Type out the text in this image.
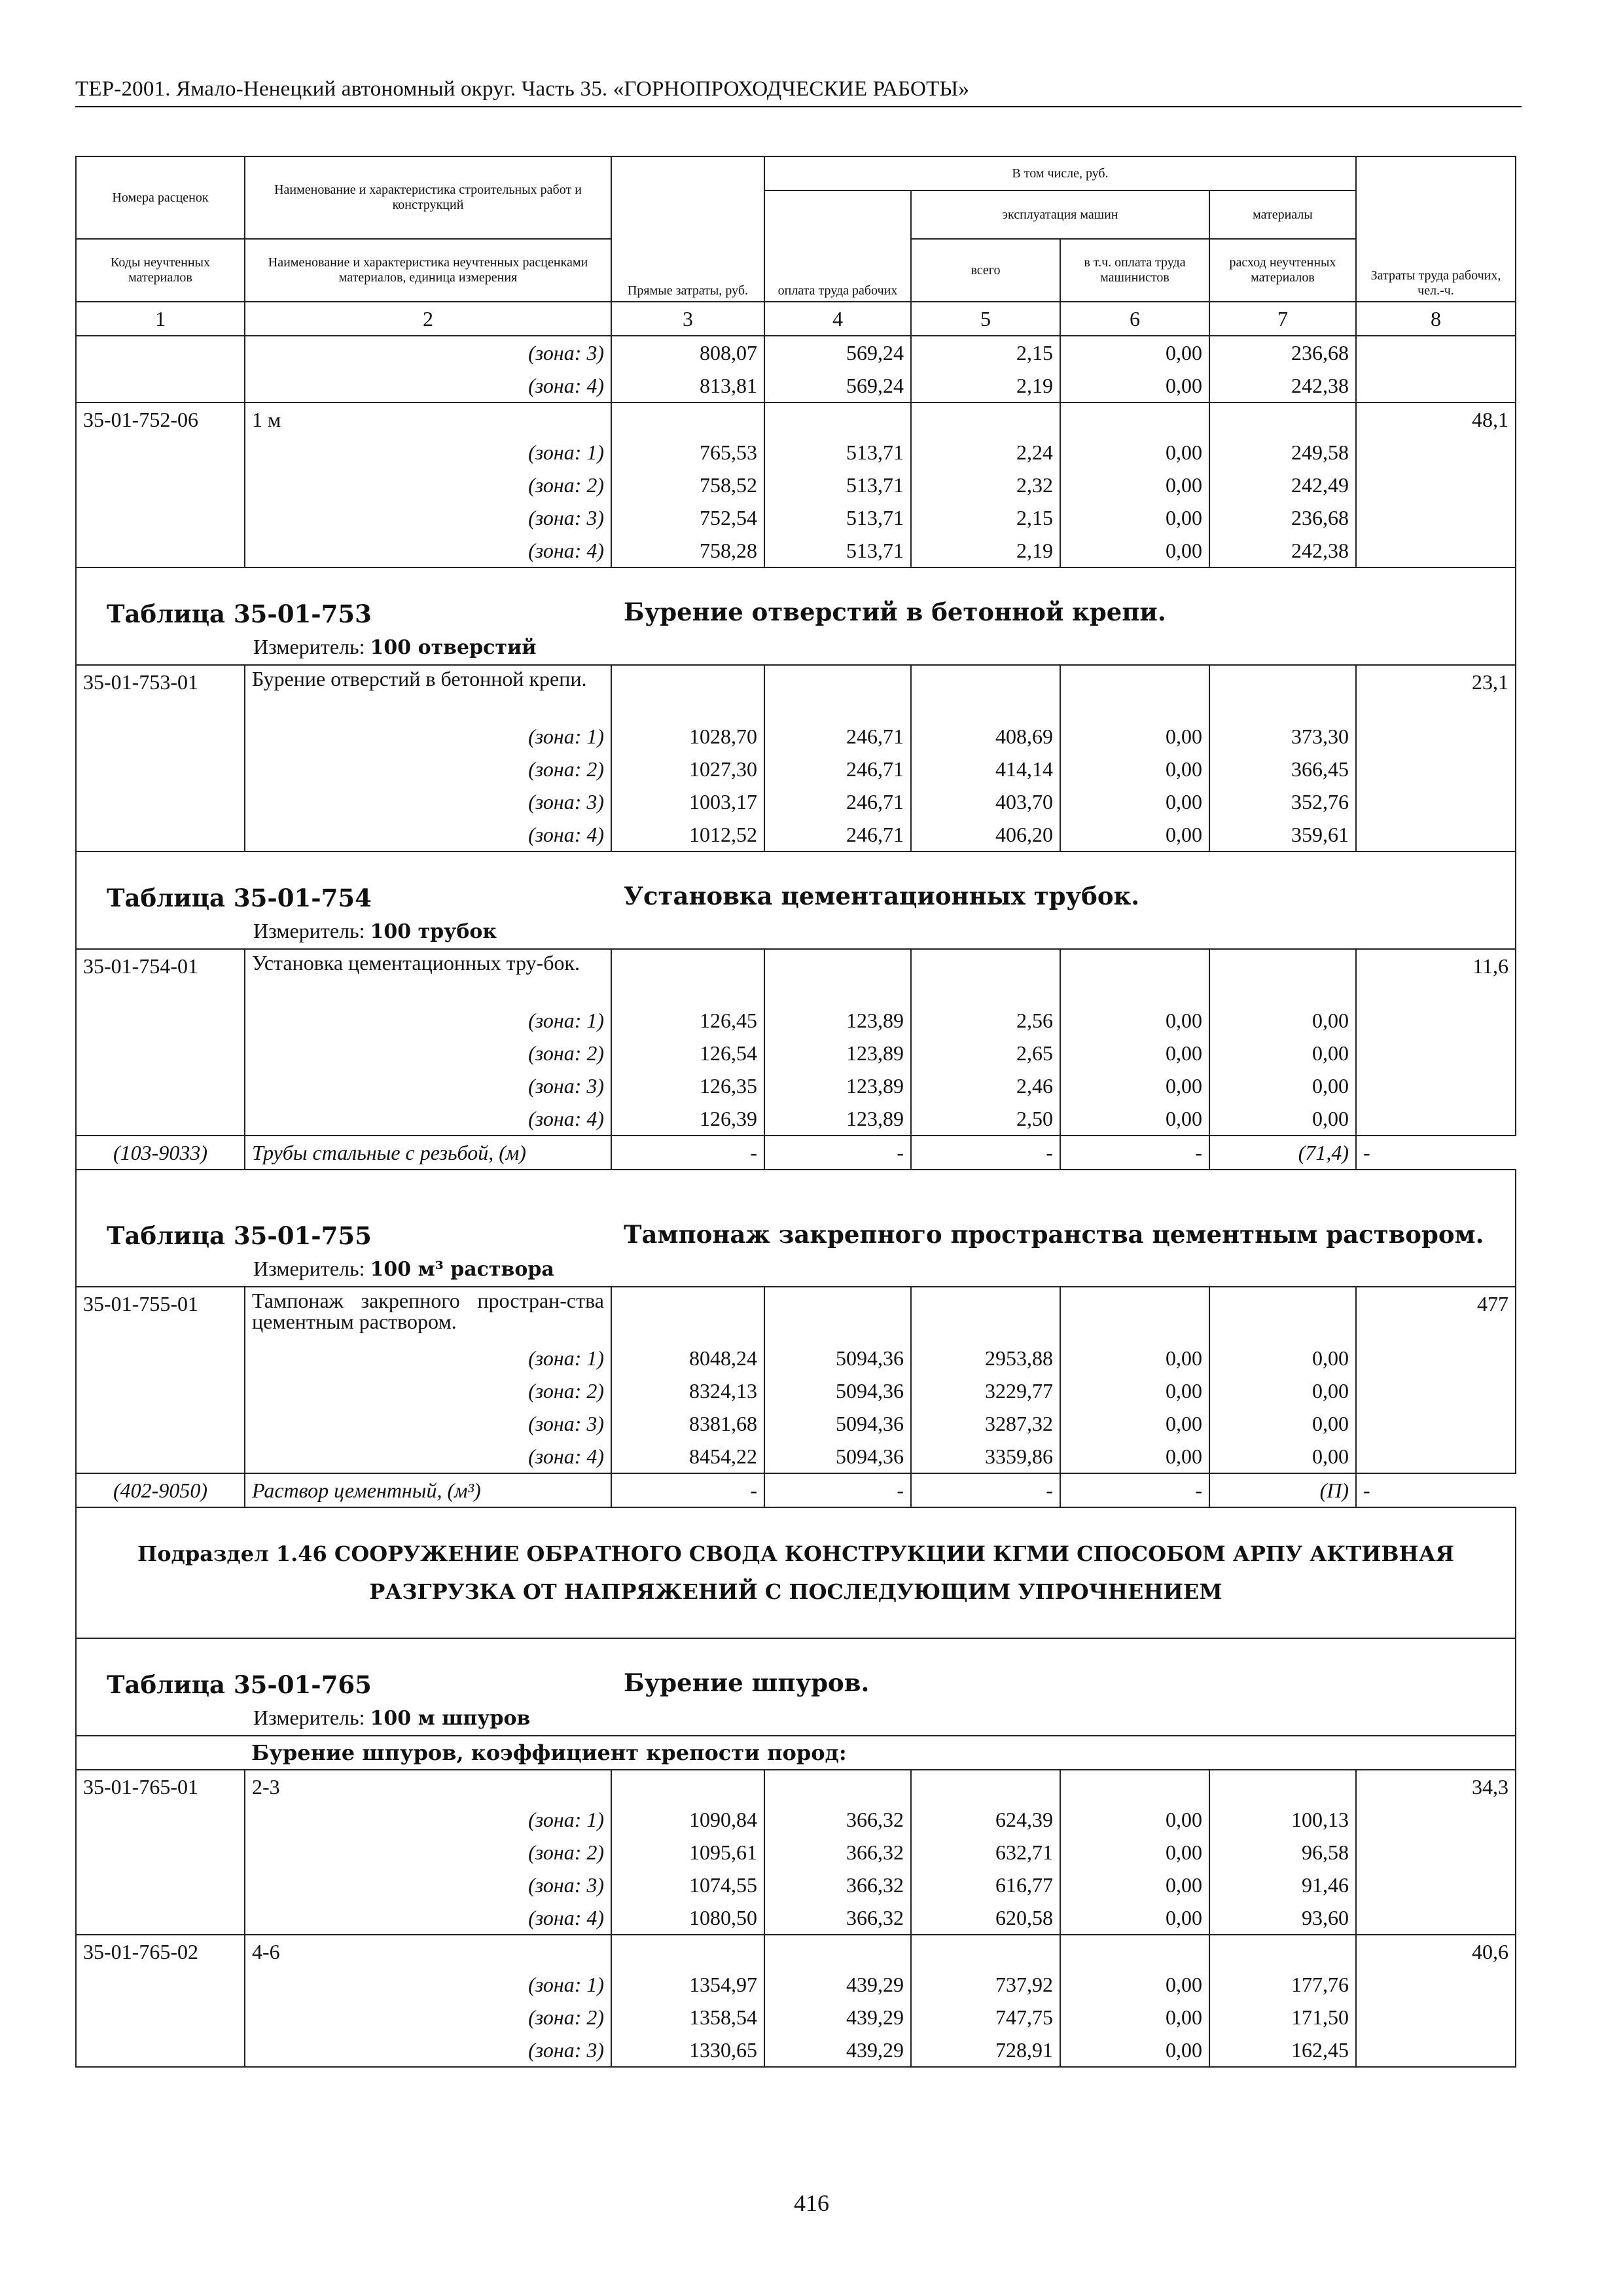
ТЕР-2001. Ямало-Ненецкий автономный округ. Часть 35. «ГОРНОПРОХОДЧЕСКИЕ РАБОТЫ»
Номера расценок	Наименование и характеристика строительных работ и конструкций	Прямые затраты, руб.	В том числе, руб.				Затраты труда рабочих, чел.-ч.
			оплата труда рабочих	эксплуатация машин		материалы	
Коды неучтенных материалов	Наименование и характеристика неучтенных расценками материалов, единица измерения			всего	в т.ч. оплата труда машинистов	расход неучтенных материалов	
1	2	3	4	5	6	7	8
	(зона: 3)	808,07	569,24	2,15	0,00	236,68	
	(зона: 4)	813,81	569,24	2,19	0,00	242,38	
35-01-752-06	1 м						48,1
	(зона: 1)	765,53	513,71	2,24	0,00	249,58	
	(зона: 2)	758,52	513,71	2,32	0,00	242,49	
	(зона: 3)	752,54	513,71	2,15	0,00	236,68	
	(зона: 4)	758,28	513,71	2,19	0,00	242,38	

Таблица 35-01-753 Бурение отверстий в бетонной крепи.							

Измеритель: 100 отверстий							
35-01-753-01	Бурение отверстий в бетонной крепи.						23,1
	(зона: 1)	1028,70	246,71	408,69	0,00	373,30	
	(зона: 2)	1027,30	246,71	414,14	0,00	366,45	
	(зона: 3)	1003,17	246,71	403,70	0,00	352,76	
	(зона: 4)	1012,52	246,71	406,20	0,00	359,61	

Таблица 35-01-754 Установка цементационных трубок.							

Измеритель: 100 трубок							
35-01-754-01	Установка цементационных тру-бок.						11,6
	(зона: 1)	126,45	123,89	2,56	0,00	0,00	
	(зона: 2)	126,54	123,89	2,65	0,00	0,00	
	(зона: 3)	126,35	123,89	2,46	0,00	0,00	
	(зона: 4)	126,39	123,89	2,50	0,00	0,00	
(103-9033)	Трубы стальные с резьбой, (м)	-	-	-	-	(71,4)	-

Таблица 35-01-755 Тампонаж закрепного пространства цементным раствором.							

Измеритель: 100 м³ раствора							
35-01-755-01	Тампонаж закрепного простран-ства цементным раствором.						477
	(зона: 1)	8048,24	5094,36	2953,88	0,00	0,00	
	(зона: 2)	8324,13	5094,36	3229,77	0,00	0,00	
	(зона: 3)	8381,68	5094,36	3287,32	0,00	0,00	
	(зона: 4)	8454,22	5094,36	3359,86	0,00	0,00	
(402-9050)	Раствор цементный, (м³)	-	-	-	-	(П)	-
Подраздел 1.46 СООРУЖЕНИЕ ОБРАТНОГО СВОДА КОНСТРУКЦИИ КГМИ СПОСОБОМ АРПУ АКТИВНАЯ РАЗГРУЗКА ОТ НАПРЯЖЕНИЙ С ПОСЛЕДУЮЩИМ УПРОЧНЕНИЕМ							

Таблица 35-01-765 Бурение шпуров.							

Измеритель: 100 м шпуров							
	Бурение шпуров, коэффициент крепости пород:						
35-01-765-01	2-3						34,3
	(зона: 1)	1090,84	366,32	624,39	0,00	100,13	
	(зона: 2)	1095,61	366,32	632,71	0,00	96,58	
	(зона: 3)	1074,55	366,32	616,77	0,00	91,46	
	(зона: 4)	1080,50	366,32	620,58	0,00	93,60	
35-01-765-02	4-6						40,6
	(зона: 1)	1354,97	439,29	737,92	0,00	177,76	
	(зона: 2)	1358,54	439,29	747,75	0,00	171,50	
	(зона: 3)	1330,65	439,29	728,91	0,00	162,45	
416
